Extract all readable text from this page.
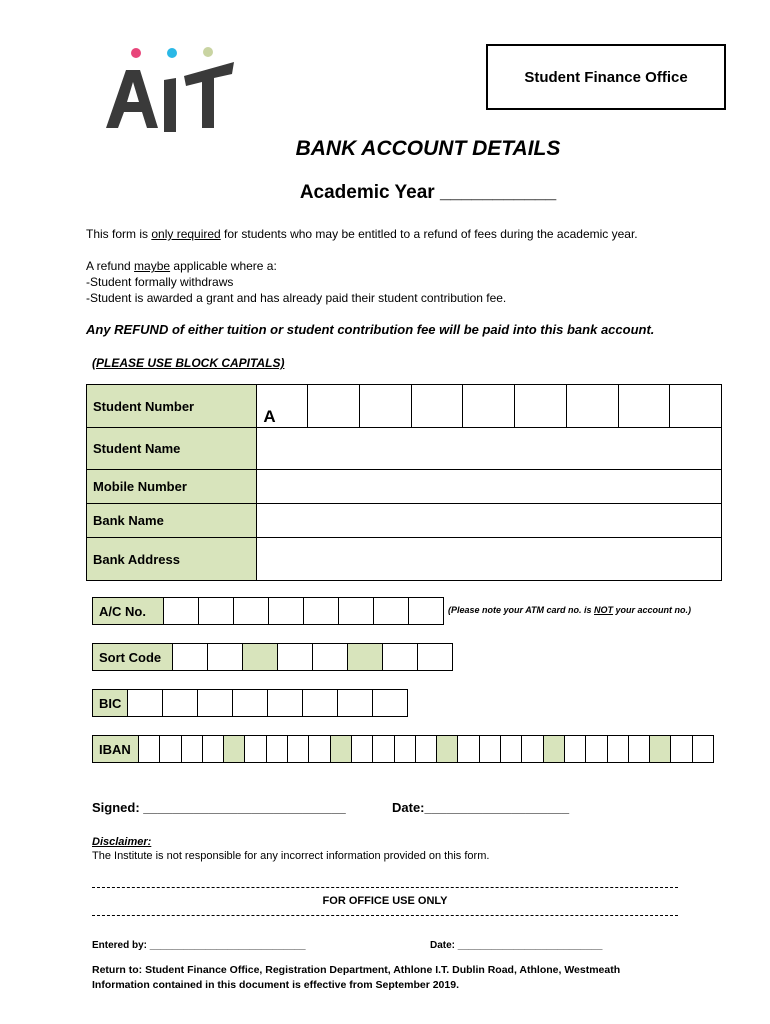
Student Finance Office
BANK ACCOUNT DETAILS
Academic Year ___________
This form is only required for students who may be entitled to a refund of fees during the academic year.
A refund maybe applicable where a:
-Student formally withdraws
-Student is awarded a grant and has already paid their student contribution fee.
Any REFUND of either tuition or student contribution fee will be paid into this bank account.
(PLEASE USE BLOCK CAPITALS)
Student Number	A								
Student Name									
Mobile Number									
Bank Name									
Bank Address									
A/C No.									(Please note your ATM card no. is NOT your account no.)
Sort Code								
BIC								
IBAN																											
Signed: ____________________________	Date:____________________
Disclaimer:
The Institute is not responsible for any incorrect information provided on this form.
FOR OFFICE USE ONLY
Entered by: ____________________________	Date: __________________________
Return to: Student Finance Office, Registration Department, Athlone I.T. Dublin Road, Athlone, Westmeath
Information contained in this document is effective from September 2019.
